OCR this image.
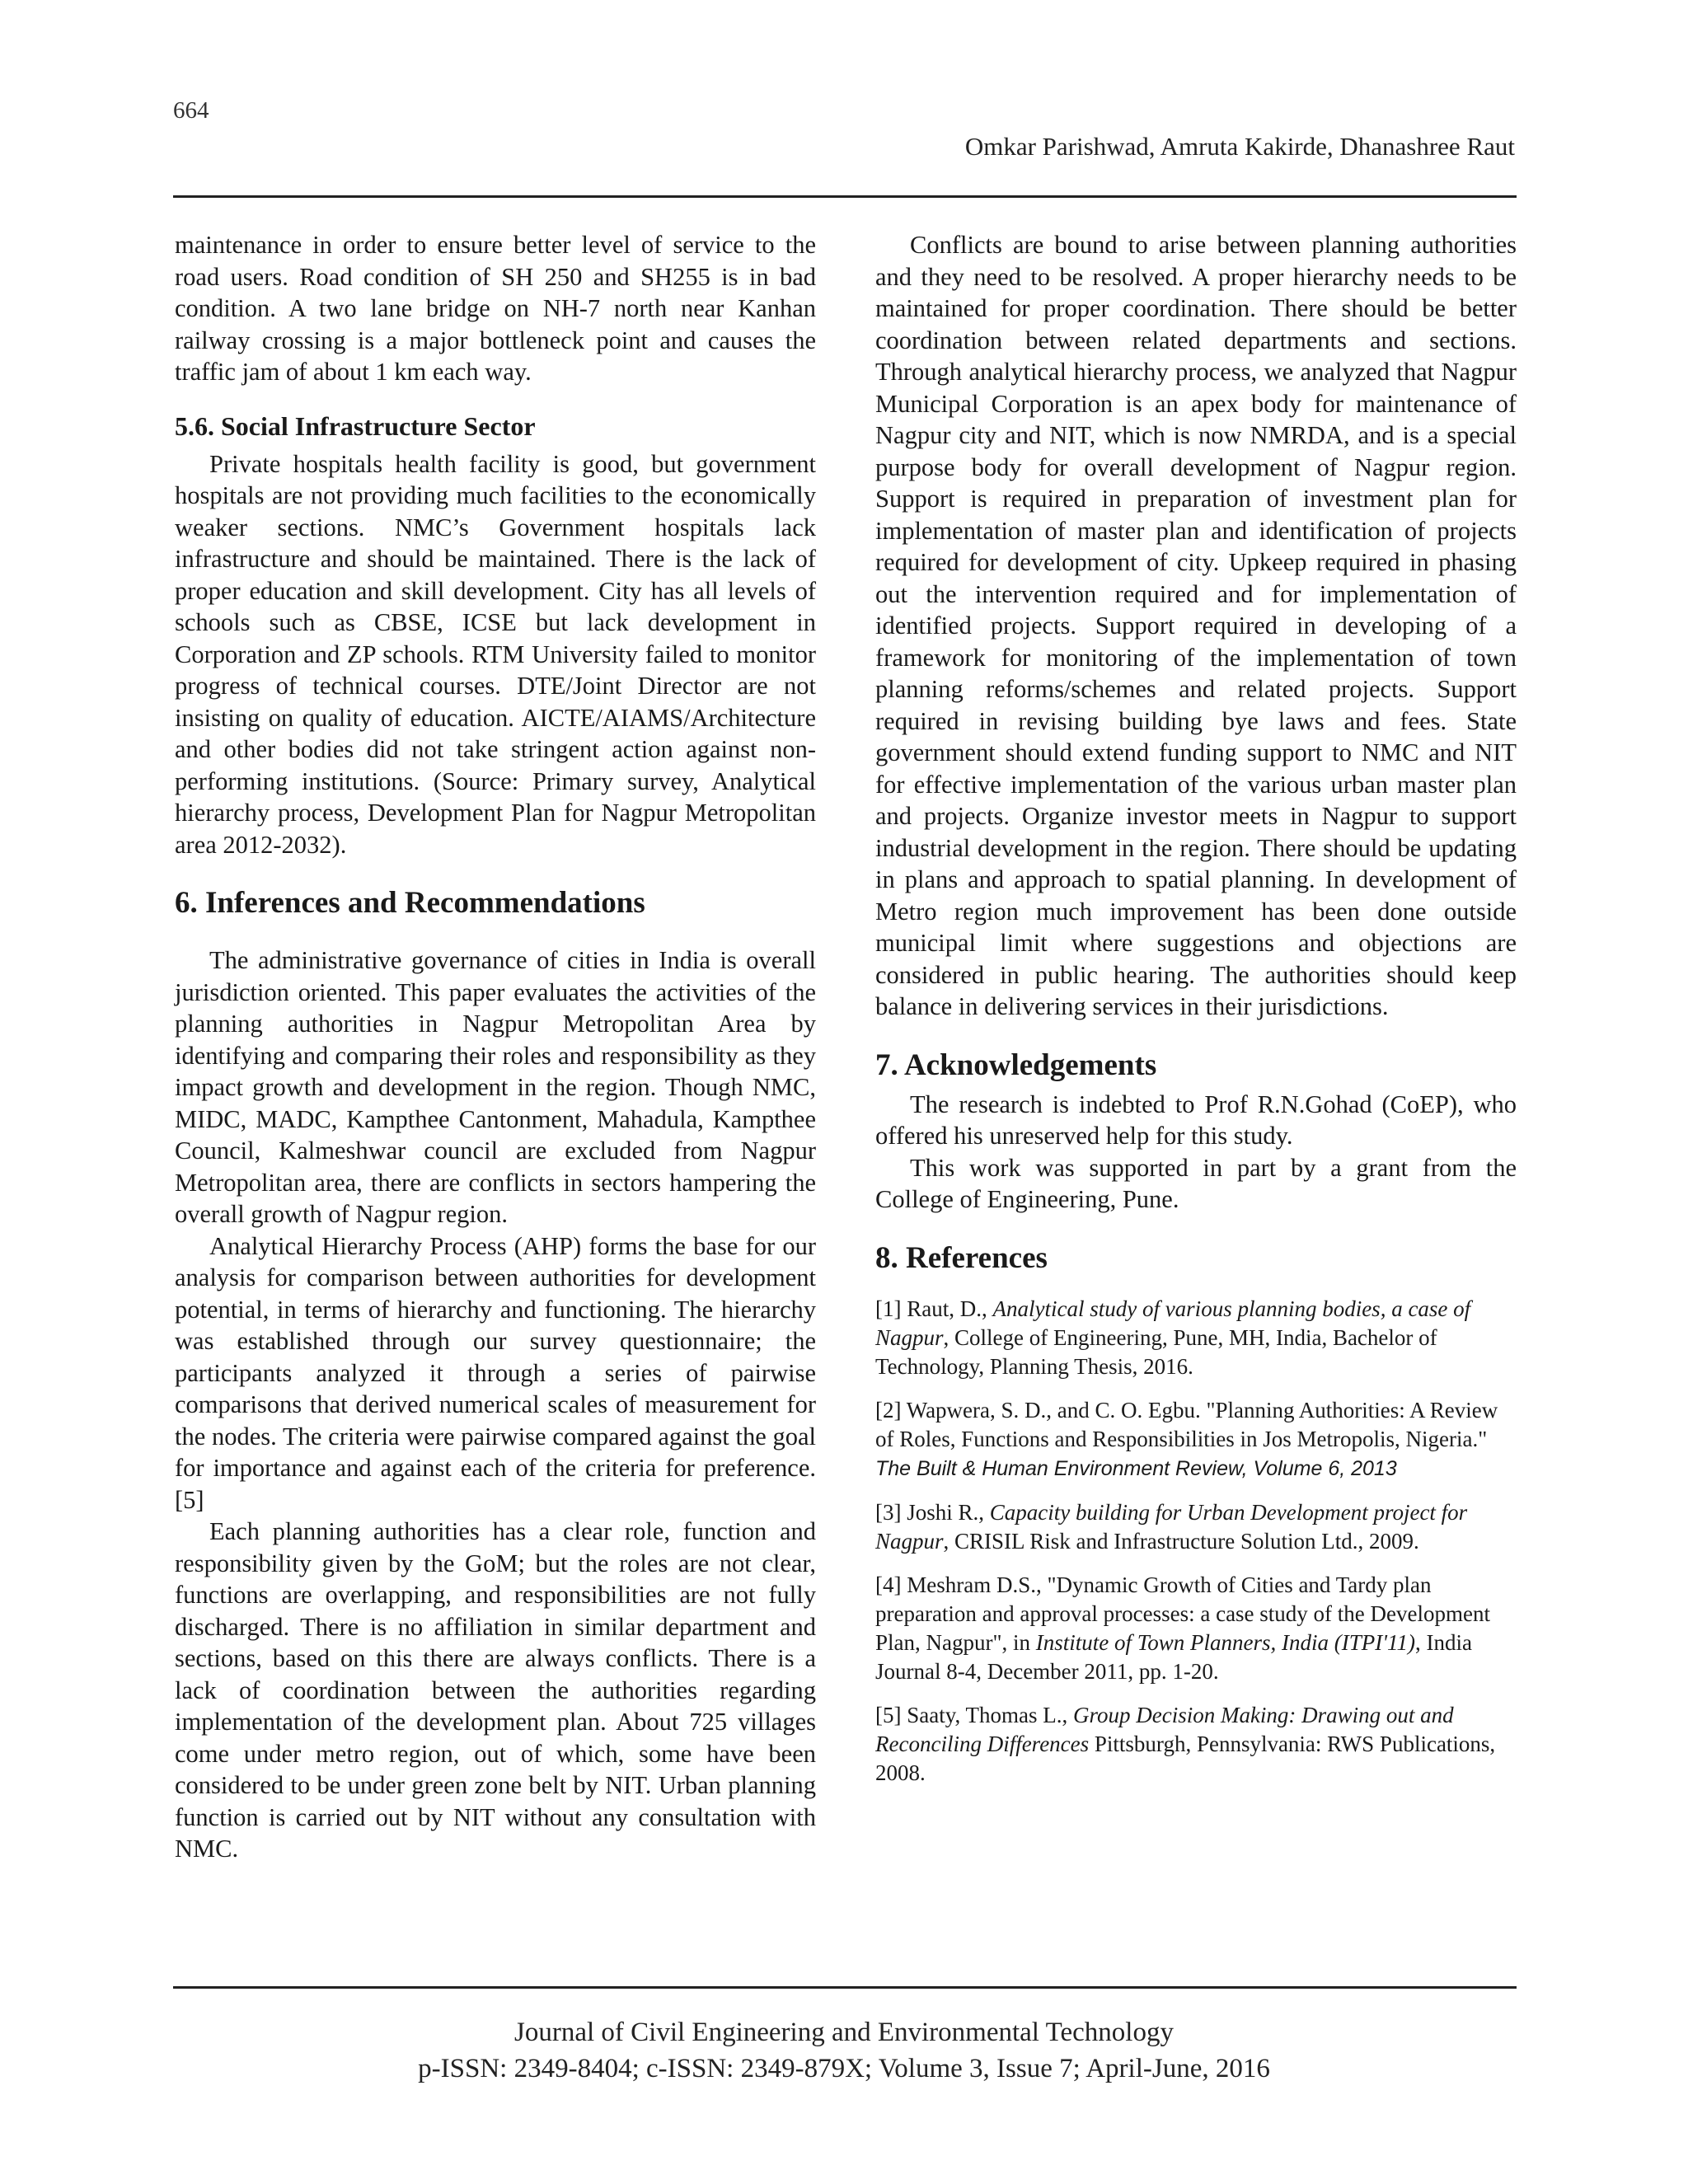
664
Omkar Parishwad, Amruta Kakirde, Dhanashree Raut

maintenance in order to ensure better level of service to the road users. Road condition of SH 250 and SH255 is in bad condition. A two lane bridge on NH-7 north near Kanhan railway crossing is a major bottleneck point and causes the traffic jam of about 1 km each way.

5.6. Social Infrastructure Sector

Private hospitals health facility is good, but government hospitals are not providing much facilities to the economically weaker sections. NMC’s Government hospitals lack infrastructure and should be maintained. There is the lack of proper education and skill development. City has all levels of schools such as CBSE, ICSE but lack development in Corporation and ZP schools. RTM University failed to monitor progress of technical courses. DTE/Joint Director are not insisting on quality of education. AICTE/AIAMS/Architecture and other bodies did not take stringent action against non-performing institutions. (Source: Primary survey, Analytical hierarchy process, Development Plan for Nagpur Metropolitan area 2012-2032).

6. Inferences and Recommendations

The administrative governance of cities in India is overall jurisdiction oriented. This paper evaluates the activities of the planning authorities in Nagpur Metropolitan Area by identifying and comparing their roles and responsibility as they impact growth and development in the region. Though NMC, MIDC, MADC, Kampthee Cantonment, Mahadula, Kampthee Council, Kalmeshwar council are excluded from Nagpur Metropolitan area, there are conflicts in sectors hampering the overall growth of Nagpur region.

Analytical Hierarchy Process (AHP) forms the base for our analysis for comparison between authorities for development potential, in terms of hierarchy and functioning. The hierarchy was established through our survey questionnaire; the participants analyzed it through a series of pairwise comparisons that derived numerical scales of measurement for the nodes. The criteria were pairwise compared against the goal for importance and against each of the criteria for preference. [5]

Each planning authorities has a clear role, function and responsibility given by the GoM; but the roles are not clear, functions are overlapping, and responsibilities are not fully discharged. There is no affiliation in similar department and sections, based on this there are always conflicts. There is a lack of coordination between the authorities regarding implementation of the development plan. About 725 villages come under metro region, out of which, some have been considered to be under green zone belt by NIT. Urban planning function is carried out by NIT without any consultation with NMC.

Conflicts are bound to arise between planning authorities and they need to be resolved. A proper hierarchy needs to be maintained for proper coordination. There should be better coordination between related departments and sections. Through analytical hierarchy process, we analyzed that Nagpur Municipal Corporation is an apex body for maintenance of Nagpur city and NIT, which is now NMRDA, and is a special purpose body for overall development of Nagpur region. Support is required in preparation of investment plan for implementation of master plan and identification of projects required for development of city. Upkeep required in phasing out the intervention required and for implementation of identified projects. Support required in developing of a framework for monitoring of the implementation of town planning reforms/schemes and related projects. Support required in revising building bye laws and fees. State government should extend funding support to NMC and NIT for effective implementation of the various urban master plan and projects. Organize investor meets in Nagpur to support industrial development in the region. There should be updating in plans and approach to spatial planning. In development of Metro region much improvement has been done outside municipal limit where suggestions and objections are considered in public hearing. The authorities should keep balance in delivering services in their jurisdictions.

7. Acknowledgements

The research is indebted to Prof R.N.Gohad (CoEP), who offered his unreserved help for this study.

This work was supported in part by a grant from the College of Engineering, Pune.

8. References

[1] Raut, D., Analytical study of various planning bodies, a case of Nagpur, College of Engineering, Pune, MH, India, Bachelor of Technology, Planning Thesis, 2016.

[2] Wapwera, S. D., and C. O. Egbu. "Planning Authorities: A Review of Roles, Functions and Responsibilities in Jos Metropolis, Nigeria." The Built & Human Environment Review, Volume 6, 2013

[3] Joshi R., Capacity building for Urban Development project for Nagpur, CRISIL Risk and Infrastructure Solution Ltd., 2009.

[4] Meshram D.S., "Dynamic Growth of Cities and Tardy plan preparation and approval processes: a case study of the Development Plan, Nagpur", in Institute of Town Planners, India (ITPI'11), India Journal 8-4, December 2011, pp. 1-20.

[5] Saaty, Thomas L., Group Decision Making: Drawing out and Reconciling Differences Pittsburgh, Pennsylvania: RWS Publications, 2008.

Journal of Civil Engineering and Environmental Technology
p-ISSN: 2349-8404; c-ISSN: 2349-879X; Volume 3, Issue 7; April-June, 2016
